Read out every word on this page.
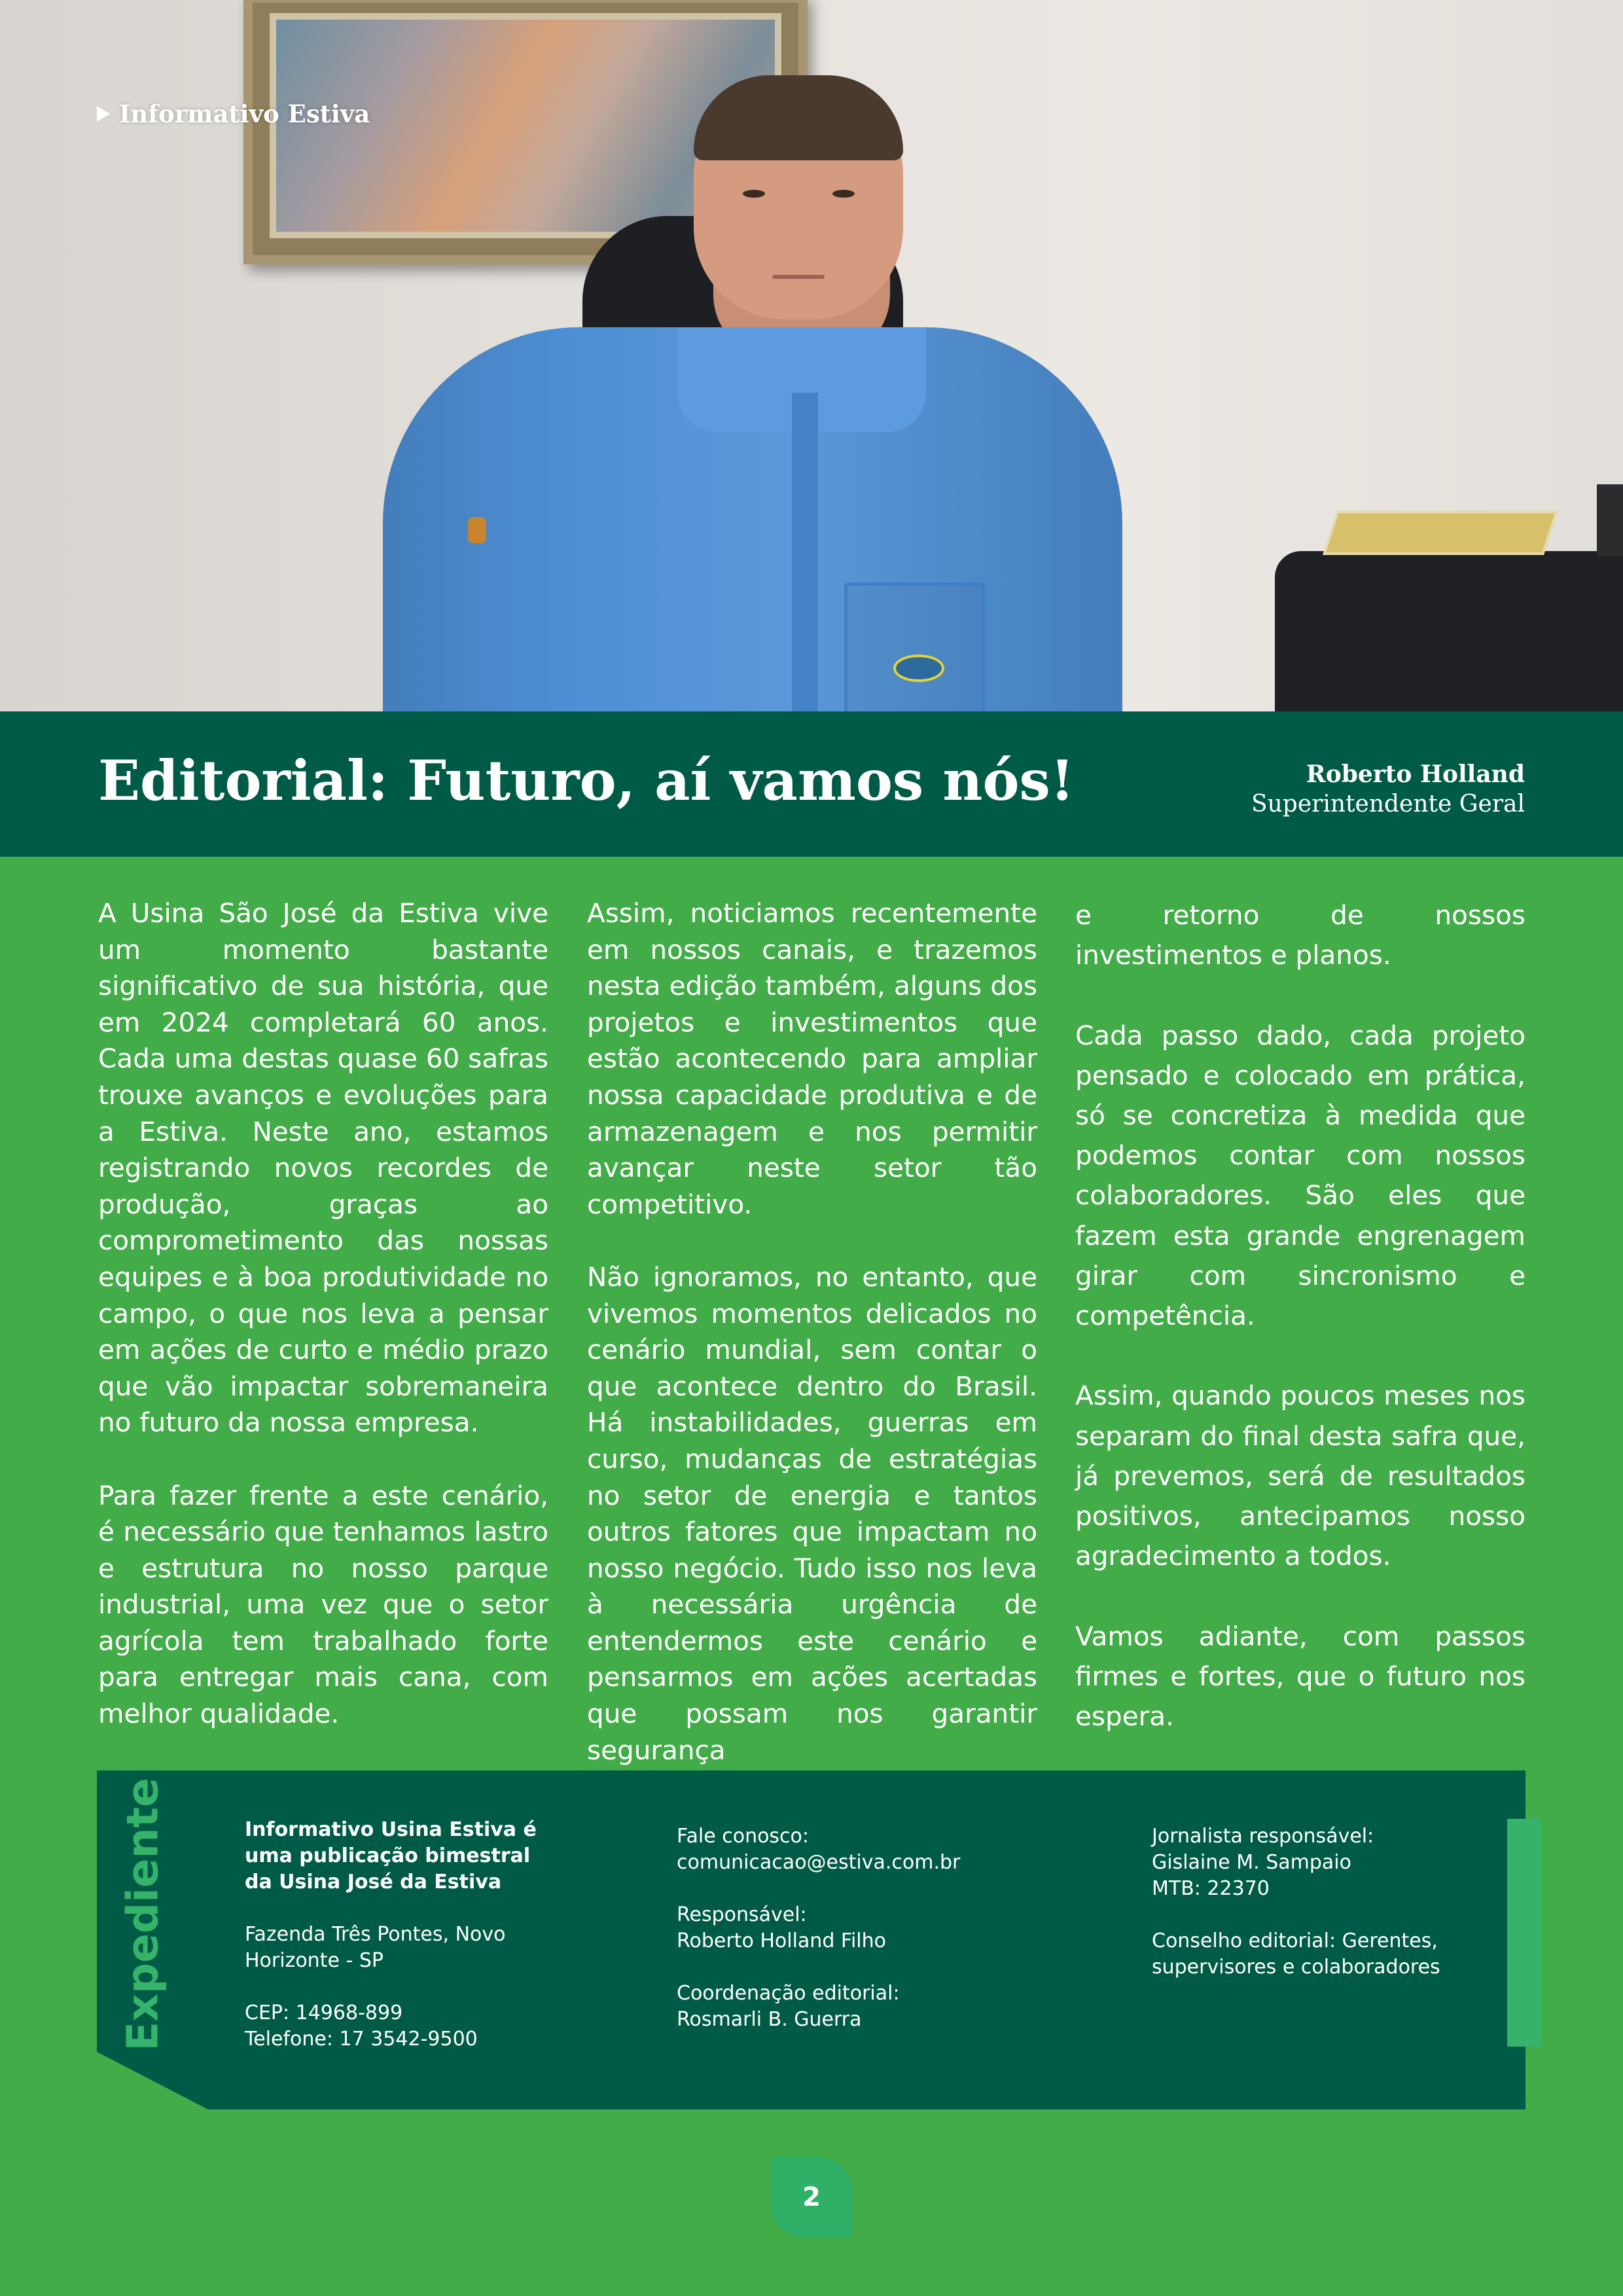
Informativo Estiva
Editorial: Futuro, aí vamos nós!	Roberto Holland
Superintendente Geral

A Usina São José da Estiva vive um momento bastante significativo de sua história, que em 2024 completará 60 anos. Cada uma destas quase 60 safras trouxe avanços e evoluções para a Estiva. Neste ano, estamos registrando novos recordes de produção, graças ao comprometimento das nossas equipes e à boa produtividade no campo, o que nos leva a pensar em ações de curto e médio prazo que vão impactar sobremaneira no futuro da nossa empresa.

Para fazer frente a este cenário, é necessário que tenhamos lastro e estrutura no nosso parque industrial, uma vez que o setor agrícola tem trabalhado forte para entregar mais cana, com melhor qualidade.

Assim, noticiamos recentemente em nossos canais, e trazemos nesta edição também, alguns dos projetos e investimentos que estão acontecendo para ampliar nossa capacidade produtiva e de armazenagem e nos permitir avançar neste setor tão competitivo.

Não ignoramos, no entanto, que vivemos momentos delicados no cenário mundial, sem contar o que acontece dentro do Brasil. Há instabilidades, guerras em curso, mudanças de estratégias no setor de energia e tantos outros fatores que impactam no nosso negócio. Tudo isso nos leva à necessária urgência de entendermos este cenário e pensarmos em ações acertadas que possam nos garantir segurança

e retorno de nossos investimentos e planos.

Cada passo dado, cada projeto pensado e colocado em prática, só se concretiza à medida que podemos contar com nossos colaboradores. São eles que fazem esta grande engrenagem girar com sincronismo e competência.

Assim, quando poucos meses nos separam do final desta safra que, já prevemos, será de resultados positivos, antecipamos nosso agradecimento a todos.

Vamos adiante, com passos firmes e fortes, que o futuro nos espera.

Expediente	Informativo Usina Estiva é
uma publicação bimestral
da Usina José da Estiva
Fazenda Três Pontes, Novo
Horizonte - SP
CEP: 14968-899
Telefone: 17 3542-9500
Fale conosco:
comunicacao@estiva.com.br
Responsável:
Roberto Holland Filho
Coordenação editorial:
Rosmarli B. Guerra
Jornalista responsável:
Gislaine M. Sampaio
MTB: 22370
Conselho editorial: Gerentes,
supervisores e colaboradores
2
